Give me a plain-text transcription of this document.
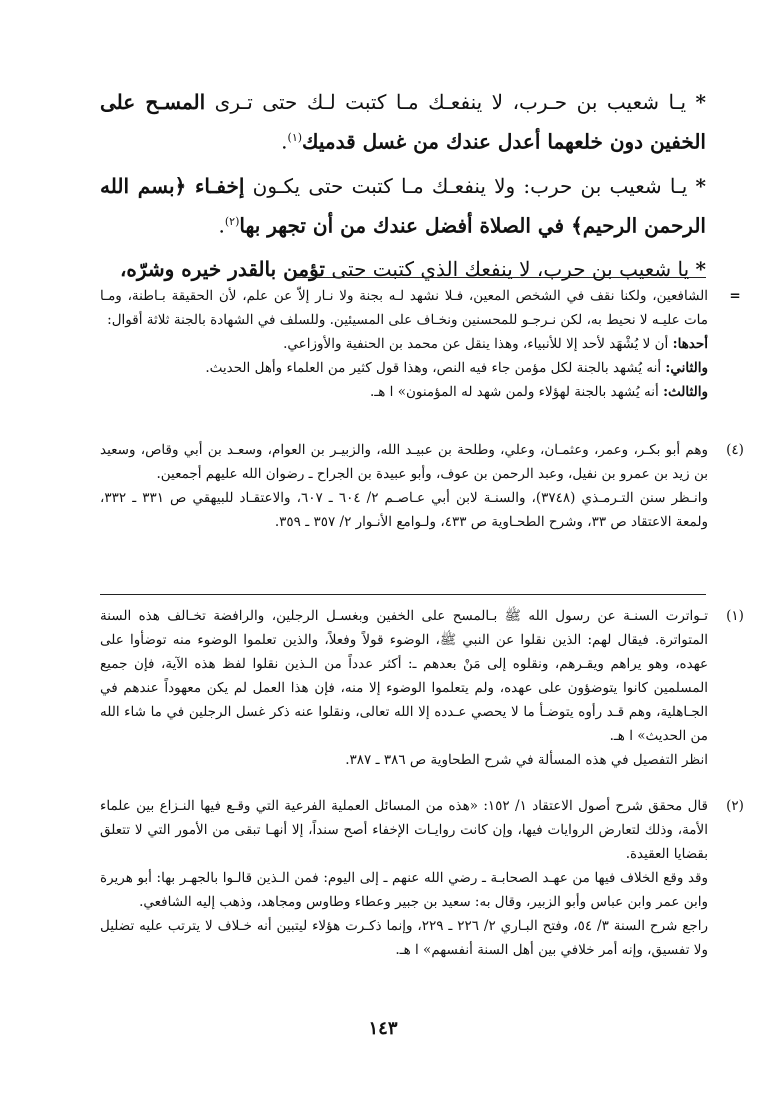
* يـا شعيب بن حـرب، لا ينفعـك مـا كتبت لـك حتى تـرى المسـح على الخفين دون خلعهما أعدل عندك من غسل قدميك$^{(١)}$.

* يـا شعيب بن حرب: ولا ينفعـك مـا كتبت حتى يكـون إخفـاء ﴿بسم الله الرحمن الرحيم﴾ في الصلاة أفضل عندك من أن تجهر بها$^{(٢)}$.

* يا شعيب بن حرب، لا ينفعك الذي كتبت حتى تؤمن بالقدر خيره وشرّه،

=

الشافعين، ولكنا نقف في الشخص المعين، فـلا نشهد لـه بجنة ولا نـار إلاّ عن علم، لأن الحقيقة بـاطنة، ومـا مات عليـه لا نحيط به، لكن نـرجـو للمحسنين ونخـاف على المسيئين. وللسلف في الشهادة بالجنة ثلاثة أقوال:

أحدها: أن لا يُشْهَد لأحد إلا للأنبياء، وهذا ينقل عن محمد بن الحنفية والأوزاعي.

والثاني: أنه يُشهد بالجنة لكل مؤمن جاء فيه النص، وهذا قول كثير من العلماء وأهل الحديث.

والثالث: أنه يُشهد بالجنة لهؤلاء ولمن شهد له المؤمنون» ا هـ.

(٤)

وهم أبو بكـر، وعمر، وعثمـان، وعلي، وطلحة بن عبيـد الله، والزبيـر بن العوام، وسعـد بن أبي وقاص، وسعيد بن زيد بن عمرو بن نفيل، وعبد الرحمن بن عوف، وأبو عبيدة بن الجراح ـ رضوان الله عليهم أجمعين.

وانـظر سنن التـرمـذي (٣٧٤٨)، والسنـة لابن أبي عـاصـم ٢/ ٦٠٤ ـ ٦٠٧، والاعتقـاد للبيهقي ص ٣٣١ ـ ٣٣٢، ولمعة الاعتقاد ص ٣٣، وشرح الطحـاوية ص ٤٣٣، ولـوامع الأنـوار ٢/ ٣٥٧ ـ ٣٥٩.

(١)

تـواترت السنـة عن رسول الله ﷺ بـالمسح على الخفين وبغسـل الرجلين، والرافضة تخـالف هذه السنة المتواترة. فيقال لهم: الذين نقلوا عن النبي ﷺ، الوضوء قولاً وفعلاً، والذين تعلموا الوضوء منه توضأوا على عهده، وهو يراهم ويقـرهم، ونقلوه إلى مَنْ بعدهم ـ: أكثر عدداً من الـذين نقلوا لفظ هذه الآية، فإن جميع المسلمين كانوا يتوضؤون على عهده، ولم يتعلموا الوضوء إلا منه، فإن هذا العمل لم يكن معهوداً عندهم في الجـاهلية، وهم قـد رأوه يتوضـأ ما لا يحصي عـدده إلا الله تعالى، ونقلوا عنه ذكر غسل الرجلين في ما شاء الله من الحديث» ا هـ.

انظر التفصيل في هذه المسألة في شرح الطحاوية ص ٣٨٦ ـ ٣٨٧.

(٢)

قال محقق شرح أصول الاعتقاد ١/ ١٥٢: «هذه من المسائل العملية الفرعية التي وقـع فيها النـزاع بين علماء الأمة، وذلك لتعارض الروايات فيها، وإن كانت روايـات الإخفاء أصح سنداً، إلا أنهـا تبقى من الأمور التي لا تتعلق بقضايا العقيدة.

وقد وقع الخلاف فيها من عهـد الصحابـة ـ رضي الله عنهم ـ إلى اليوم: فمن الـذين قالـوا بالجهـر بها: أبو هريرة وابن عمر وابن عباس وأبو الزبير، وقال به: سعيد بن جبير وعطاء وطاوس ومجاهد، وذهب إليه الشافعي.

راجع شرح السنة ٣/ ٥٤، وفتح البـاري ٢/ ٢٢٦ ـ ٢٢٩، وإنما ذكـرت هؤلاء ليتبين أنه خـلاف لا يترتب عليه تضليل ولا تفسيق، وإنه أمر خلافي بين أهل السنة أنفسهم» ا هـ.

١٤٣
